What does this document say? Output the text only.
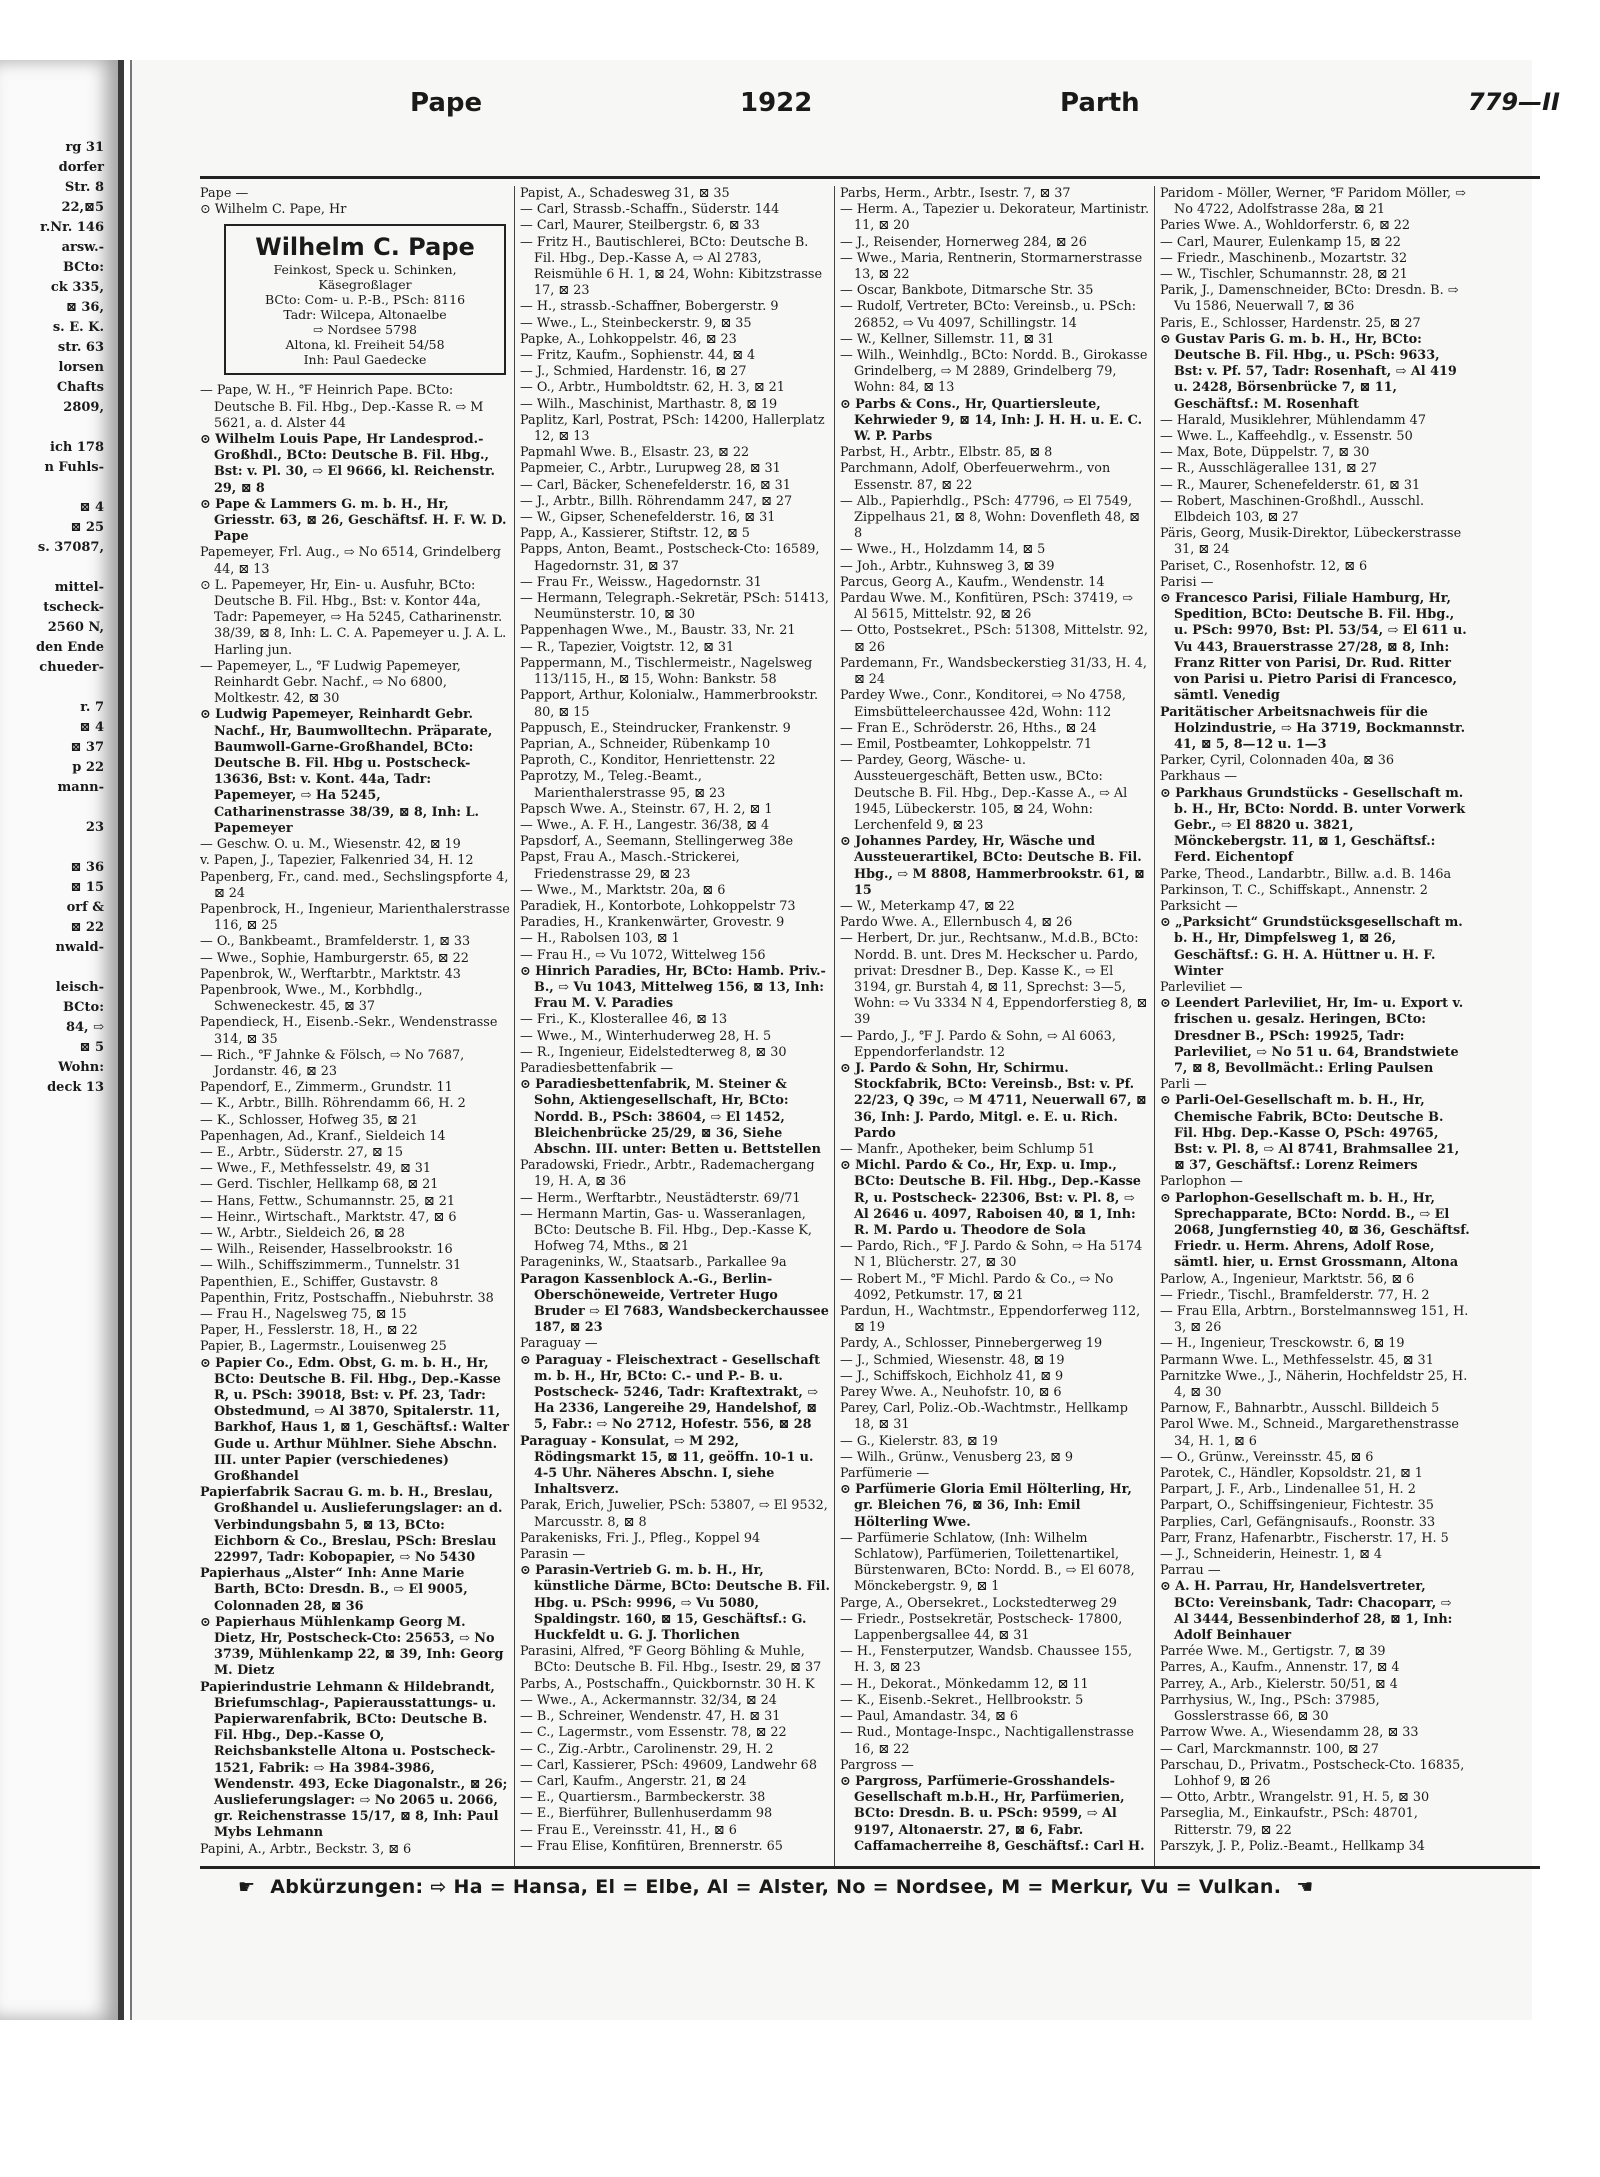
rg 31
dorfer
Str. 8
22,⊠5
r.Nr. 146
arsw.-
BCto:
ck 335,
⊠ 36,
s. E. K.
str. 63
lorsen
Chafts
2809,
ich 178
n Fuhls-
⊠ 4
⊠ 25
s. 37087,
mittel-
tscheck-
2560 N,
den Ende
chueder-
r. 7
⊠ 4
⊠ 37
p 22
mann-
23
⊠ 36
⊠ 15
orf &
⊠ 22
nwald-
leisch-
BCto:
84, ⇨
⊠ 5
Wohn:
deck 13
Pape	1922	Parth	779—II

Pape —

⊙ Wilhelm C. Pape, Hr

Wilhelm C. Pape
Feinkost, Speck u. Schinken,
Käsegroßlager
BCto: Com- u. P.-B., PSch: 8116
Tadr: Wilcepa, Altonaelbe
⇨ Nordsee 5798
Altona, kl. Freiheit 54/58
Inh: Paul Gaedecke

— Pape, W. H., ℉ Heinrich Pape. BCto: Deutsche B. Fil. Hbg., Dep.-Kasse R. ⇨ M 5621, a. d. Alster 44

⊙ Wilhelm Louis Pape, Hr Landesprod.-Großhdl., BCto: Deutsche B. Fil. Hbg., Bst: v. Pl. 30, ⇨ El 9666, kl. Reichenstr. 29, ⊠ 8

⊙ Pape & Lammers G. m. b. H., Hr, Griesstr. 63, ⊠ 26, Geschäftsf. H. F. W. D. Pape

Papemeyer, Frl. Aug., ⇨ No 6514, Grindelberg 44, ⊠ 13

⊙ L. Papemeyer, Hr, Ein- u. Ausfuhr, BCto: Deutsche B. Fil. Hbg., Bst: v. Kontor 44a, Tadr: Papemeyer, ⇨ Ha 5245, Catharinenstr. 38/39, ⊠ 8, Inh: L. C. A. Papemeyer u. J. A. L. Harling jun.

— Papemeyer, L., ℉ Ludwig Papemeyer, Reinhardt Gebr. Nachf., ⇨ No 6800, Moltkestr. 42, ⊠ 30

⊙ Ludwig Papemeyer, Reinhardt Gebr. Nachf., Hr, Baumwolltechn. Präparate, Baumwoll-Garne-Großhandel, BCto: Deutsche B. Fil. Hbg u. Postscheck-13636, Bst: v. Kont. 44a, Tadr: Papemeyer, ⇨ Ha 5245, Catharinenstrasse 38/39, ⊠ 8, Inh: L. Papemeyer

— Geschw. O. u. M., Wiesenstr. 42, ⊠ 19

v. Papen, J., Tapezier, Falkenried 34, H. 12

Papenberg, Fr., cand. med., Sechslingspforte 4, ⊠ 24

Papenbrock, H., Ingenieur, Marienthalerstrasse 116, ⊠ 25

— O., Bankbeamt., Bramfelderstr. 1, ⊠ 33

— Wwe., Sophie, Hamburgerstr. 65, ⊠ 22

Papenbrok, W., Werftarbtr., Marktstr. 43

Papenbrook, Wwe., M., Korbhdlg., Schweneckestr. 45, ⊠ 37

Papendieck, H., Eisenb.-Sekr., Wendenstrasse 314, ⊠ 35

— Rich., ℉ Jahnke & Fölsch, ⇨ No 7687, Jordanstr. 46, ⊠ 23

Papendorf, E., Zimmerm., Grundstr. 11

— K., Arbtr., Billh. Röhrendamm 66, H. 2

— K., Schlosser, Hofweg 35, ⊠ 21

Papenhagen, Ad., Kranf., Sieldeich 14

— E., Arbtr., Süderstr. 27, ⊠ 15

— Wwe., F., Methfesselstr. 49, ⊠ 31

— Gerd. Tischler, Hellkamp 68, ⊠ 21

— Hans, Fettw., Schumannstr. 25, ⊠ 21

— Heinr., Wirtschaft., Marktstr. 47, ⊠ 6

— W., Arbtr., Sieldeich 26, ⊠ 28

— Wilh., Reisender, Hasselbrookstr. 16

— Wilh., Schiffszimmerm., Tunnelstr. 31

Papenthien, E., Schiffer, Gustavstr. 8

Papenthin, Fritz, Postschaffn., Niebuhrstr. 38

— Frau H., Nagelsweg 75, ⊠ 15

Paper, H., Fesslerstr. 18, H., ⊠ 22

Papier, B., Lagermstr., Louisenweg 25

⊙ Papier Co., Edm. Obst, G. m. b. H., Hr, BCto: Deutsche B. Fil. Hbg., Dep.-Kasse R, u. PSch: 39018, Bst: v. Pf. 23, Tadr: Obstedmund, ⇨ Al 3870, Spitalerstr. 11, Barkhof, Haus 1, ⊠ 1, Geschäftsf.: Walter Gude u. Arthur Mühlner. Siehe Abschn. III. unter Papier (verschiedenes) Großhandel

Papierfabrik Sacrau G. m. b. H., Breslau, Großhandel u. Auslieferungslager: an d. Verbindungsbahn 5, ⊠ 13, BCto: Eichborn & Co., Breslau, PSch: Breslau 22997, Tadr: Kobopapier, ⇨ No 5430

Papierhaus „Alster“ Inh: Anne Marie Barth, BCto: Dresdn. B., ⇨ El 9005, Colonnaden 28, ⊠ 36

⊙ Papierhaus Mühlenkamp Georg M. Dietz, Hr, Postscheck-Cto: 25653, ⇨ No 3739, Mühlenkamp 22, ⊠ 39, Inh: Georg M. Dietz

Papierindustrie Lehmann & Hildebrandt, Briefumschlag-, Papierausstattungs- u. Papierwarenfabrik, BCto: Deutsche B. Fil. Hbg., Dep.-Kasse O, Reichsbankstelle Altona u. Postscheck- 1521, Fabrik: ⇨ Ha 3984-3986, Wendenstr. 493, Ecke Diagonalstr., ⊠ 26; Auslieferungslager: ⇨ No 2065 u. 2066, gr. Reichenstrasse 15/17, ⊠ 8, Inh: Paul Mybs Lehmann

Papini, A., Arbtr., Beckstr. 3, ⊠ 6

Papist, A., Schadesweg 31, ⊠ 35

— Carl, Strassb.-Schaffn., Süderstr. 144

— Carl, Maurer, Steilbergstr. 6, ⊠ 33

— Fritz H., Bautischlerei, BCto: Deutsche B. Fil. Hbg., Dep.-Kasse A, ⇨ Al 2783, Reismühle 6 H. 1, ⊠ 24, Wohn: Kibitzstrasse 17, ⊠ 23

— H., strassb.-Schaffner, Bobergerstr. 9

— Wwe., L., Steinbeckerstr. 9, ⊠ 35

Papke, A., Lohkoppelstr. 46, ⊠ 23

— Fritz, Kaufm., Sophienstr. 44, ⊠ 4

— J., Schmied, Hardenstr. 16, ⊠ 27

— O., Arbtr., Humboldtstr. 62, H. 3, ⊠ 21

— Wilh., Maschinist, Marthastr. 8, ⊠ 19

Paplitz, Karl, Postrat, PSch: 14200, Hallerplatz 12, ⊠ 13

Papmahl Wwe. B., Elsastr. 23, ⊠ 22

Papmeier, C., Arbtr., Lurupweg 28, ⊠ 31

— Carl, Bäcker, Schenefelderstr. 16, ⊠ 31

— J., Arbtr., Billh. Röhrendamm 247, ⊠ 27

— W., Gipser, Schenefelderstr. 16, ⊠ 31

Papp, A., Kassierer, Stiftstr. 12, ⊠ 5

Papps, Anton, Beamt., Postscheck-Cto: 16589, Hagedornstr. 31, ⊠ 37

— Frau Fr., Weissw., Hagedornstr. 31

— Hermann, Telegraph.-Sekretär, PSch: 51413, Neumünsterstr. 10, ⊠ 30

Pappenhagen Wwe., M., Baustr. 33, Nr. 21

— R., Tapezier, Voigtstr. 12, ⊠ 31

Pappermann, M., Tischlermeistr., Nagelsweg 113/115, H., ⊠ 15, Wohn: Bankstr. 58

Papport, Arthur, Kolonialw., Hammerbrookstr. 80, ⊠ 15

Pappusch, E., Steindrucker, Frankenstr. 9

Paprian, A., Schneider, Rübenkamp 10

Paproth, C., Konditor, Henriettenstr. 22

Paprotzy, M., Teleg.-Beamt., Marienthalerstrasse 95, ⊠ 23

Papsch Wwe. A., Steinstr. 67, H. 2, ⊠ 1

— Wwe., A. F. H., Langestr. 36/38, ⊠ 4

Papsdorf, A., Seemann, Stellingerweg 38e

Papst, Frau A., Masch.-Strickerei, Friedenstrasse 29, ⊠ 23

— Wwe., M., Marktstr. 20a, ⊠ 6

Paradiek, H., Kontorbote, Lohkoppelstr 73

Paradies, H., Krankenwärter, Grovestr. 9

— H., Rabolsen 103, ⊠ 1

— Frau H., ⇨ Vu 1072, Wittelweg 156

⊙ Hinrich Paradies, Hr, BCto: Hamb. Priv.-B., ⇨ Vu 1043, Mittelweg 156, ⊠ 13, Inh: Frau M. V. Paradies

— Fri., K., Klosterallee 46, ⊠ 13

— Wwe., M., Winterhuderweg 28, H. 5

— R., Ingenieur, Eidelstedterweg 8, ⊠ 30

Paradiesbettenfabrik —

⊙ Paradiesbettenfabrik, M. Steiner & Sohn, Aktiengesellschaft, Hr, BCto: Nordd. B., PSch: 38604, ⇨ El 1452, Bleichenbrücke 25/29, ⊠ 36, Siehe Abschn. III. unter: Betten u. Bettstellen

Paradowski, Friedr., Arbtr., Rademachergang 19, H. A, ⊠ 36

— Herm., Werftarbtr., Neustädterstr. 69/71

— Hermann Martin, Gas- u. Wasseranlagen, BCto: Deutsche B. Fil. Hbg., Dep.-Kasse K, Hofweg 74, Mths., ⊠ 21

Parageninks, W., Staatsarb., Parkallee 9a

Paragon Kassenblock A.-G., Berlin-Oberschöneweide, Vertreter Hugo Bruder ⇨ El 7683, Wandsbeckerchaussee 187, ⊠ 23

Paraguay —

⊙ Paraguay - Fleischextract - Gesellschaft m. b. H., Hr, BCto: C.- und P.- B. u. Postscheck- 5246, Tadr: Kraftextrakt, ⇨ Ha 2336, Langereihe 29, Handelshof, ⊠ 5, Fabr.: ⇨ No 2712, Hofestr. 556, ⊠ 28

Paraguay - Konsulat, ⇨ M 292, Rödingsmarkt 15, ⊠ 11, geöffn. 10-1 u. 4-5 Uhr. Näheres Abschn. I, siehe Inhaltsverz.

Parak, Erich, Juwelier, PSch: 53807, ⇨ El 9532, Marcusstr. 8, ⊠ 8

Parakenisks, Fri. J., Pfleg., Koppel 94

Parasin —

⊙ Parasin-Vertrieb G. m. b. H., Hr, künstliche Därme, BCto: Deutsche B. Fil. Hbg. u. PSch: 9996, ⇨ Vu 5080, Spaldingstr. 160, ⊠ 15, Geschäftsf.: G. Huckfeldt u. G. J. Thorlichen

Parasini, Alfred, ℉ Georg Böhling & Muhle, BCto: Deutsche B. Fil. Hbg., Isestr. 29, ⊠ 37

Parbs, A., Postschaffn., Quickbornstr. 30 H. K

— Wwe., A., Ackermannstr. 32/34, ⊠ 24

— B., Schreiner, Wendenstr. 47, H. ⊠ 31

— C., Lagermstr., vom Essenstr. 78, ⊠ 22

— C., Zig.-Arbtr., Carolinenstr. 29, H. 2

— Carl, Kassierer, PSch: 49609, Landwehr 68

— Carl, Kaufm., Angerstr. 21, ⊠ 24

— E., Quartiersm., Barmbeckerstr. 38

— E., Bierführer, Bullenhuserdamm 98

— Frau E., Vereinsstr. 41, H., ⊠ 6

— Frau Elise, Konfitüren, Brennerstr. 65

Parbs, Herm., Arbtr., Isestr. 7, ⊠ 37

— Herm. A., Tapezier u. Dekorateur, Martinistr. 11, ⊠ 20

— J., Reisender, Hornerweg 284, ⊠ 26

— Wwe., Maria, Rentnerin, Stormarnerstrasse 13, ⊠ 22

— Oscar, Bankbote, Ditmarsche Str. 35

— Rudolf, Vertreter, BCto: Vereinsb., u. PSch: 26852, ⇨ Vu 4097, Schillingstr. 14

— W., Kellner, Sillemstr. 11, ⊠ 31

— Wilh., Weinhdlg., BCto: Nordd. B., Girokasse Grindelberg, ⇨ M 2889, Grindelberg 79, Wohn: 84, ⊠ 13

⊙ Parbs & Cons., Hr, Quartiersleute, Kehrwieder 9, ⊠ 14, Inh: J. H. H. u. E. C. W. P. Parbs

Parbst, H., Arbtr., Elbstr. 85, ⊠ 8

Parchmann, Adolf, Oberfeuerwehrm., von Essenstr. 87, ⊠ 22

— Alb., Papierhdlg., PSch: 47796, ⇨ El 7549, Zippelhaus 21, ⊠ 8, Wohn: Dovenfleth 48, ⊠ 8

— Wwe., H., Holzdamm 14, ⊠ 5

— Joh., Arbtr., Kuhnsweg 3, ⊠ 39

Parcus, Georg A., Kaufm., Wendenstr. 14

Pardau Wwe. M., Konfitüren, PSch: 37419, ⇨ Al 5615, Mittelstr. 92, ⊠ 26

— Otto, Postsekret., PSch: 51308, Mittelstr. 92, ⊠ 26

Pardemann, Fr., Wandsbeckerstieg 31/33, H. 4, ⊠ 24

Pardey Wwe., Conr., Konditorei, ⇨ No 4758, Eimsbütteleerchaussee 42d, Wohn: 112

— Fran E., Schröderstr. 26, Hths., ⊠ 24

— Emil, Postbeamter, Lohkoppelstr. 71

— Pardey, Georg, Wäsche- u. Aussteuergeschäft, Betten usw., BCto: Deutsche B. Fil. Hbg., Dep.-Kasse A., ⇨ Al 1945, Lübeckerstr. 105, ⊠ 24, Wohn: Lerchenfeld 9, ⊠ 23

⊙ Johannes Pardey, Hr, Wäsche und Aussteuerartikel, BCto: Deutsche B. Fil. Hbg., ⇨ M 8808, Hammerbrookstr. 61, ⊠ 15

— W., Meterkamp 47, ⊠ 22

Pardo Wwe. A., Ellernbusch 4, ⊠ 26

— Herbert, Dr. jur., Rechtsanw., M.d.B., BCto: Nordd. B. unt. Dres M. Heckscher u. Pardo, privat: Dresdner B., Dep. Kasse K., ⇨ El 3194, gr. Burstah 4, ⊠ 11, Sprechst: 3—5, Wohn: ⇨ Vu 3334 N 4, Eppendorferstieg 8, ⊠ 39

— Pardo, J., ℉ J. Pardo & Sohn, ⇨ Al 6063, Eppendorferlandstr. 12

⊙ J. Pardo & Sohn, Hr, Schirmu. Stockfabrik, BCto: Vereinsb., Bst: v. Pf. 22/23, Q 39c, ⇨ M 4711, Neuerwall 67, ⊠ 36, Inh: J. Pardo, Mitgl. e. E. u. Rich. Pardo

— Manfr., Apotheker, beim Schlump 51

⊙ Michl. Pardo & Co., Hr, Exp. u. Imp., BCto: Deutsche B. Fil. Hbg., Dep.-Kasse R, u. Postscheck- 22306, Bst: v. Pl. 8, ⇨ Al 2646 u. 4097, Raboisen 40, ⊠ 1, Inh: R. M. Pardo u. Theodore de Sola

— Pardo, Rich., ℉ J. Pardo & Sohn, ⇨ Ha 5174 N 1, Blücherstr. 27, ⊠ 30

— Robert M., ℉ Michl. Pardo & Co., ⇨ No 4092, Petkumstr. 17, ⊠ 21

Pardun, H., Wachtmstr., Eppendorferweg 112, ⊠ 19

Pardy, A., Schlosser, Pinnebergerweg 19

— J., Schmied, Wiesenstr. 48, ⊠ 19

— J., Schiffskoch, Eichholz 41, ⊠ 9

Parey Wwe. A., Neuhofstr. 10, ⊠ 6

Parey, Carl, Poliz.-Ob.-Wachtmstr., Hellkamp 18, ⊠ 31

— G., Kielerstr. 83, ⊠ 19

— Wilh., Grünw., Venusberg 23, ⊠ 9

Parfümerie —

⊙ Parfümerie Gloria Emil Hölterling, Hr, gr. Bleichen 76, ⊠ 36, Inh: Emil Hölterling Wwe.

— Parfümerie Schlatow, (Inh: Wilhelm Schlatow), Parfümerien, Toilettenartikel, Bürstenwaren, BCto: Nordd. B., ⇨ El 6078, Mönckebergstr. 9, ⊠ 1

Parge, A., Obersekret., Lockstedterweg 29

— Friedr., Postsekretär, Postscheck- 17800, Lappenbergsallee 44, ⊠ 31

— H., Fensterputzer, Wandsb. Chaussee 155, H. 3, ⊠ 23

— H., Dekorat., Mönkedamm 12, ⊠ 11

— K., Eisenb.-Sekret., Hellbrookstr. 5

— Paul, Amandastr. 34, ⊠ 6

— Rud., Montage-Inspc., Nachtigallenstrasse 16, ⊠ 22

Pargross —

⊙ Pargross, Parfümerie-Grosshandels-Gesellschaft m.b.H., Hr, Parfümerien, BCto: Dresdn. B. u. PSch: 9599, ⇨ Al 9197, Altonaerstr. 27, ⊠ 6, Fabr. Caffamacherreihe 8, Geschäftsf.: Carl H.

Paridom - Möller, Werner, ℉ Paridom Möller, ⇨ No 4722, Adolfstrasse 28a, ⊠ 21

Paries Wwe. A., Wohldorferstr. 6, ⊠ 22

— Carl, Maurer, Eulenkamp 15, ⊠ 22

— Friedr., Maschinenb., Mozartstr. 32

— W., Tischler, Schumannstr. 28, ⊠ 21

Parik, J., Damenschneider, BCto: Dresdn. B. ⇨ Vu 1586, Neuerwall 7, ⊠ 36

Paris, E., Schlosser, Hardenstr. 25, ⊠ 27

⊙ Gustav Paris G. m. b. H., Hr, BCto: Deutsche B. Fil. Hbg., u. PSch: 9633, Bst: v. Pf. 57, Tadr: Rosenhaft, ⇨ Al 419 u. 2428, Börsenbrücke 7, ⊠ 11, Geschäftsf.: M. Rosenhaft

— Harald, Musiklehrer, Mühlendamm 47

— Wwe. L., Kaffeehdlg., v. Essenstr. 50

— Max, Bote, Düppelstr. 7, ⊠ 30

— R., Ausschlägerallee 131, ⊠ 27

— R., Maurer, Schenefelderstr. 61, ⊠ 31

— Robert, Maschinen-Großhdl., Ausschl. Elbdeich 103, ⊠ 27

Päris, Georg, Musik-Direktor, Lübeckerstrasse 31, ⊠ 24

Pariset, C., Rosenhofstr. 12, ⊠ 6

Parisi —

⊙ Francesco Parisi, Filiale Hamburg, Hr, Spedition, BCto: Deutsche B. Fil. Hbg., u. PSch: 9970, Bst: Pl. 53/54, ⇨ El 611 u. Vu 443, Brauerstrasse 27/28, ⊠ 8, Inh: Franz Ritter von Parisi, Dr. Rud. Ritter von Parisi u. Pietro Parisi di Francesco, sämtl. Venedig

Paritätischer Arbeitsnachweis für die Holzindustrie, ⇨ Ha 3719, Bockmannstr. 41, ⊠ 5, 8—12 u. 1—3

Parker, Cyril, Colonnaden 40a, ⊠ 36

Parkhaus —

⊙ Parkhaus Grundstücks - Gesellschaft m. b. H., Hr, BCto: Nordd. B. unter Vorwerk Gebr., ⇨ El 8820 u. 3821, Mönckebergstr. 11, ⊠ 1, Geschäftsf.: Ferd. Eichentopf

Parke, Theod., Landarbtr., Billw. a.d. B. 146a

Parkinson, T. C., Schiffskapt., Annenstr. 2

Parksicht —

⊙ „Parksicht“ Grundstücksgesellschaft m. b. H., Hr, Dimpfelsweg 1, ⊠ 26, Geschäftsf.: G. H. A. Hüttner u. H. F. Winter

Parleviliet —

⊙ Leendert Parleviliet, Hr, Im- u. Export v. frischen u. gesalz. Heringen, BCto: Dresdner B., PSch: 19925, Tadr: Parleviliet, ⇨ No 51 u. 64, Brandstwiete 7, ⊠ 8, Bevollmächt.: Erling Paulsen

Parli —

⊙ Parli-Oel-Gesellschaft m. b. H., Hr, Chemische Fabrik, BCto: Deutsche B. Fil. Hbg. Dep.-Kasse O, PSch: 49765, Bst: v. Pl. 8, ⇨ Al 8741, Brahmsallee 21, ⊠ 37, Geschäftsf.: Lorenz Reimers

Parlophon —

⊙ Parlophon-Gesellschaft m. b. H., Hr, Sprechapparate, BCto: Nordd. B., ⇨ El 2068, Jungfernstieg 40, ⊠ 36, Geschäftsf. Friedr. u. Herm. Ahrens, Adolf Rose, sämtl. hier, u. Ernst Grossmann, Altona

Parlow, A., Ingenieur, Marktstr. 56, ⊠ 6

— Friedr., Tischl., Bramfelderstr. 77, H. 2

— Frau Ella, Arbtrn., Borstelmannsweg 151, H. 3, ⊠ 26

— H., Ingenieur, Tresckowstr. 6, ⊠ 19

Parmann Wwe. L., Methfesselstr. 45, ⊠ 31

Parnitzke Wwe., J., Näherin, Hochfeldstr 25, H. 4, ⊠ 30

Parnow, F., Bahnarbtr., Ausschl. Billdeich 5

Parol Wwe. M., Schneid., Margarethenstrasse 34, H. 1, ⊠ 6

— O., Grünw., Vereinsstr. 45, ⊠ 6

Parotek, C., Händler, Kopsoldstr. 21, ⊠ 1

Parpart, J. F., Arb., Lindenallee 51, H. 2

Parpart, O., Schiffsingenieur, Fichtestr. 35

Parplies, Carl, Gefängnisaufs., Roonstr. 33

Parr, Franz, Hafenarbtr., Fischerstr. 17, H. 5

— J., Schneiderin, Heinestr. 1, ⊠ 4

Parrau —

⊙ A. H. Parrau, Hr, Handelsvertreter, BCto: Vereinsbank, Tadr: Chacoparr, ⇨ Al 3444, Bessenbinderhof 28, ⊠ 1, Inh: Adolf Beinhauer

Parrée Wwe. M., Gertigstr. 7, ⊠ 39

Parres, A., Kaufm., Annenstr. 17, ⊠ 4

Parrey, A., Arb., Kielerstr. 50/51, ⊠ 4

Parrhysius, W., Ing., PSch: 37985, Gosslerstrasse 66, ⊠ 30

Parrow Wwe. A., Wiesendamm 28, ⊠ 33

— Carl, Marckmannstr. 100, ⊠ 27

Parschau, D., Privatm., Postscheck-Cto. 16835, Lohhof 9, ⊠ 26

— Otto, Arbtr., Wrangelstr. 91, H. 5, ⊠ 30

Parseglia, M., Einkaufstr., PSch: 48701, Ritterstr. 79, ⊠ 22

Parszyk, J. P., Poliz.-Beamt., Hellkamp 34

☛ Abkürzungen: ⇨ Ha = Hansa, El = Elbe, Al = Alster, No = Nordsee, M = Merkur, Vu = Vulkan. ☚
